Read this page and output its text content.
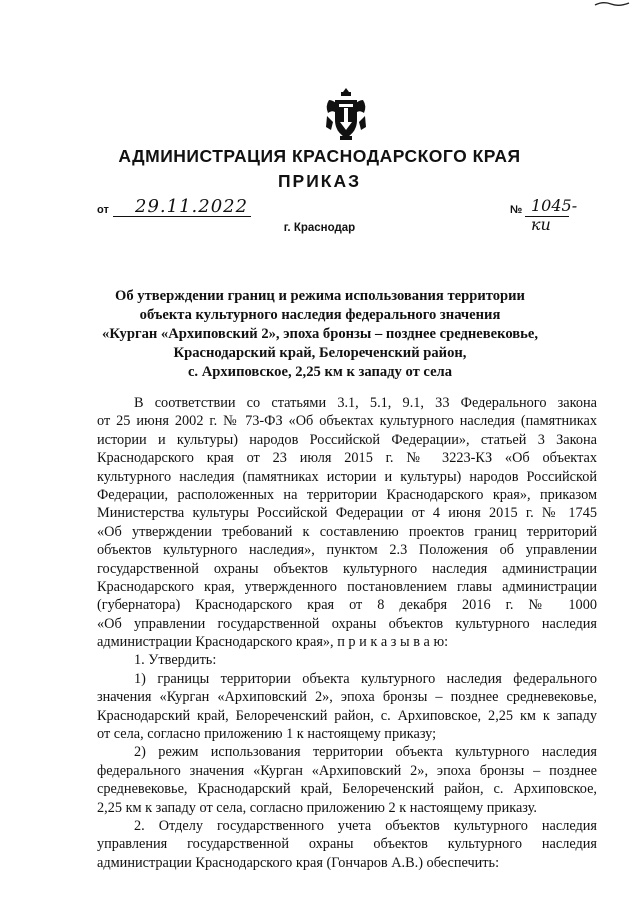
АДМИНИСТРАЦИЯ КРАСНОДАРСКОГО КРАЯ
ПРИКАЗ
от 29.11.2022	№ 1045-ки
г. Краснодар
Об утверждении границ и режима использования территории
объекта культурного наследия федерального значения
«Курган «Архиповский 2», эпоха бронзы – позднее средневековье,
Краснодарский край, Белореченский район,
с. Архиповское, 2,25 км к западу от села
В соответствии со статьями 3.1, 5.1, 9.1, 33 Федерального закона
от 25 июня 2002 г. № 73-ФЗ «Об объектах культурного наследия (памятниках
истории и культуры) народов Российской Федерации», статьей 3 Закона
Краснодарского края от 23 июля 2015 г. № 3223-КЗ «Об объектах
культурного наследия (памятниках истории и культуры) народов Российской
Федерации, расположенных на территории Краснодарского края», приказом
Министерства культуры Российской Федерации от 4 июня 2015 г. № 1745
«Об утверждении требований к составлению проектов границ территорий
объектов культурного наследия», пунктом 2.3 Положения об управлении
государственной охраны объектов культурного наследия администрации
Краснодарского края, утвержденного постановлением главы администрации
(губернатора) Краснодарского края от 8 декабря 2016 г. № 1000
«Об управлении государственной охраны объектов культурного наследия
администрации Краснодарского края», п р и к а з ы в а ю:
1. Утвердить:
1) границы территории объекта культурного наследия федерального
значения «Курган «Архиповский 2», эпоха бронзы – позднее средневековье,
Краснодарский край, Белореченский район, с. Архиповское, 2,25 км к западу
от села, согласно приложению 1 к настоящему приказу;
2) режим использования территории объекта культурного наследия
федерального значения «Курган «Архиповский 2», эпоха бронзы – позднее
средневековье, Краснодарский край, Белореченский район, с. Архиповское,
2,25 км к западу от села, согласно приложению 2 к настоящему приказу.
2. Отделу государственного учета объектов культурного наследия
управления государственной охраны объектов культурного наследия
администрации Краснодарского края (Гончаров А.В.) обеспечить:
